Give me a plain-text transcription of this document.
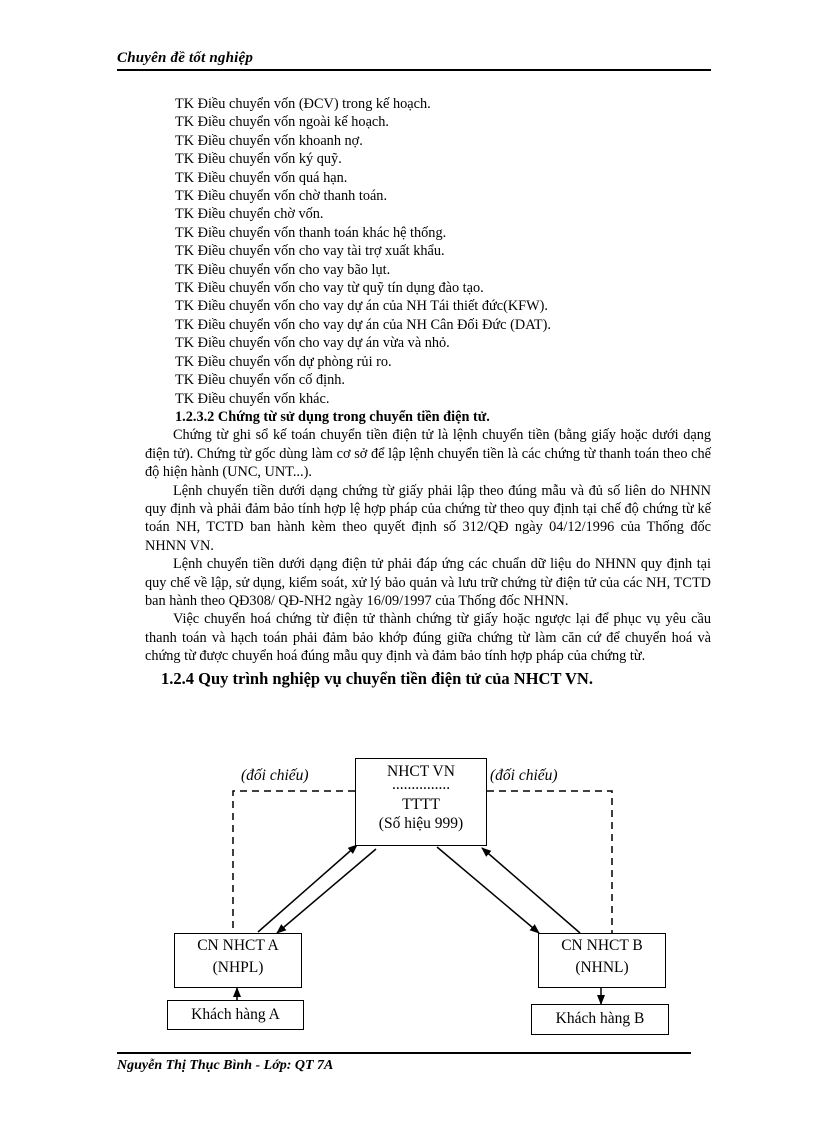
Chuyên đề tốt nghiệp
TK Điều chuyển vốn (ĐCV) trong kế hoạch.
TK Điều chuyển vốn ngoài kế hoạch.
TK Điều chuyển vốn khoanh nợ.
TK Điều chuyển vốn ký quỹ.
TK Điều chuyển vốn quá hạn.
TK Điều chuyển vốn chờ thanh toán.
TK Điều chuyển chờ vốn.
TK Điều chuyển vốn thanh toán khác hệ thống.
TK Điều chuyển vốn cho vay tài trợ xuất khẩu.
TK Điều chuyển vốn cho vay bão lụt.
TK Điều chuyển vốn cho vay từ quỹ tín dụng đào tạo.
TK Điều chuyển vốn cho vay dự án của NH Tái thiết đức(KFW).
TK Điều chuyển vốn cho vay dự án của NH Cân Đối Đức (DAT).
TK Điều chuyển vốn cho vay dự án vừa và nhỏ.
TK Điều chuyển vốn dự phòng rủi ro.
TK Điều chuyển vốn cố định.
TK Điều chuyển vốn khác.

1.2.3.2 Chứng từ sử dụng trong chuyển tiền điện tử.

Chứng từ ghi sổ kế toán chuyển tiền điện tử là lệnh chuyển tiền (bằng giấy hoặc dưới dạng điện tử). Chứng từ gốc dùng làm cơ sở để lập lệnh chuyển tiền là các chứng từ thanh toán theo chế độ hiện hành (UNC, UNT...).

Lệnh chuyển tiền dưới dạng chứng từ giấy phải lập theo đúng mẫu và đủ số liên do NHNN quy định và phải đảm bảo tính hợp lệ hợp pháp của chứng từ theo quy định tại chế độ chứng từ kế toán NH, TCTD ban hành kèm theo quyết định số 312/QĐ ngày 04/12/1996 của Thống đốc NHNN VN.

Lệnh chuyển tiền dưới dạng điện tử phải đáp ứng các chuẩn dữ liệu do NHNN quy định tại quy chế về lập, sử dụng, kiểm soát, xử lý bảo quản và lưu trữ chứng từ điện tử của các NH, TCTD ban hành theo QĐ308/ QĐ-NH2 ngày 16/09/1997 của Thống đốc NHNN.

Việc chuyển hoá chứng từ điện tử thành chứng từ giấy hoặc ngược lại để phục vụ yêu cầu thanh toán và hạch toán phải đảm bảo khớp đúng giữa chứng từ làm căn cứ để chuyển hoá và chứng từ được chuyển hoá đúng mẫu quy định và đảm bảo tính hợp pháp của chứng từ.

1.2.4 Quy trình nghiệp vụ chuyển tiền điện tử của NHCT VN.

(đối chiếu)	(đối chiếu)
NHCT VN
...............
TTTT
(Số hiệu 999)
CN NHCT A
(NHPL)
CN NHCT B
(NHNL)
Khách hàng A	Khách hàng B
Nguyễn Thị Thục Bình - Lớp: QT 7A
